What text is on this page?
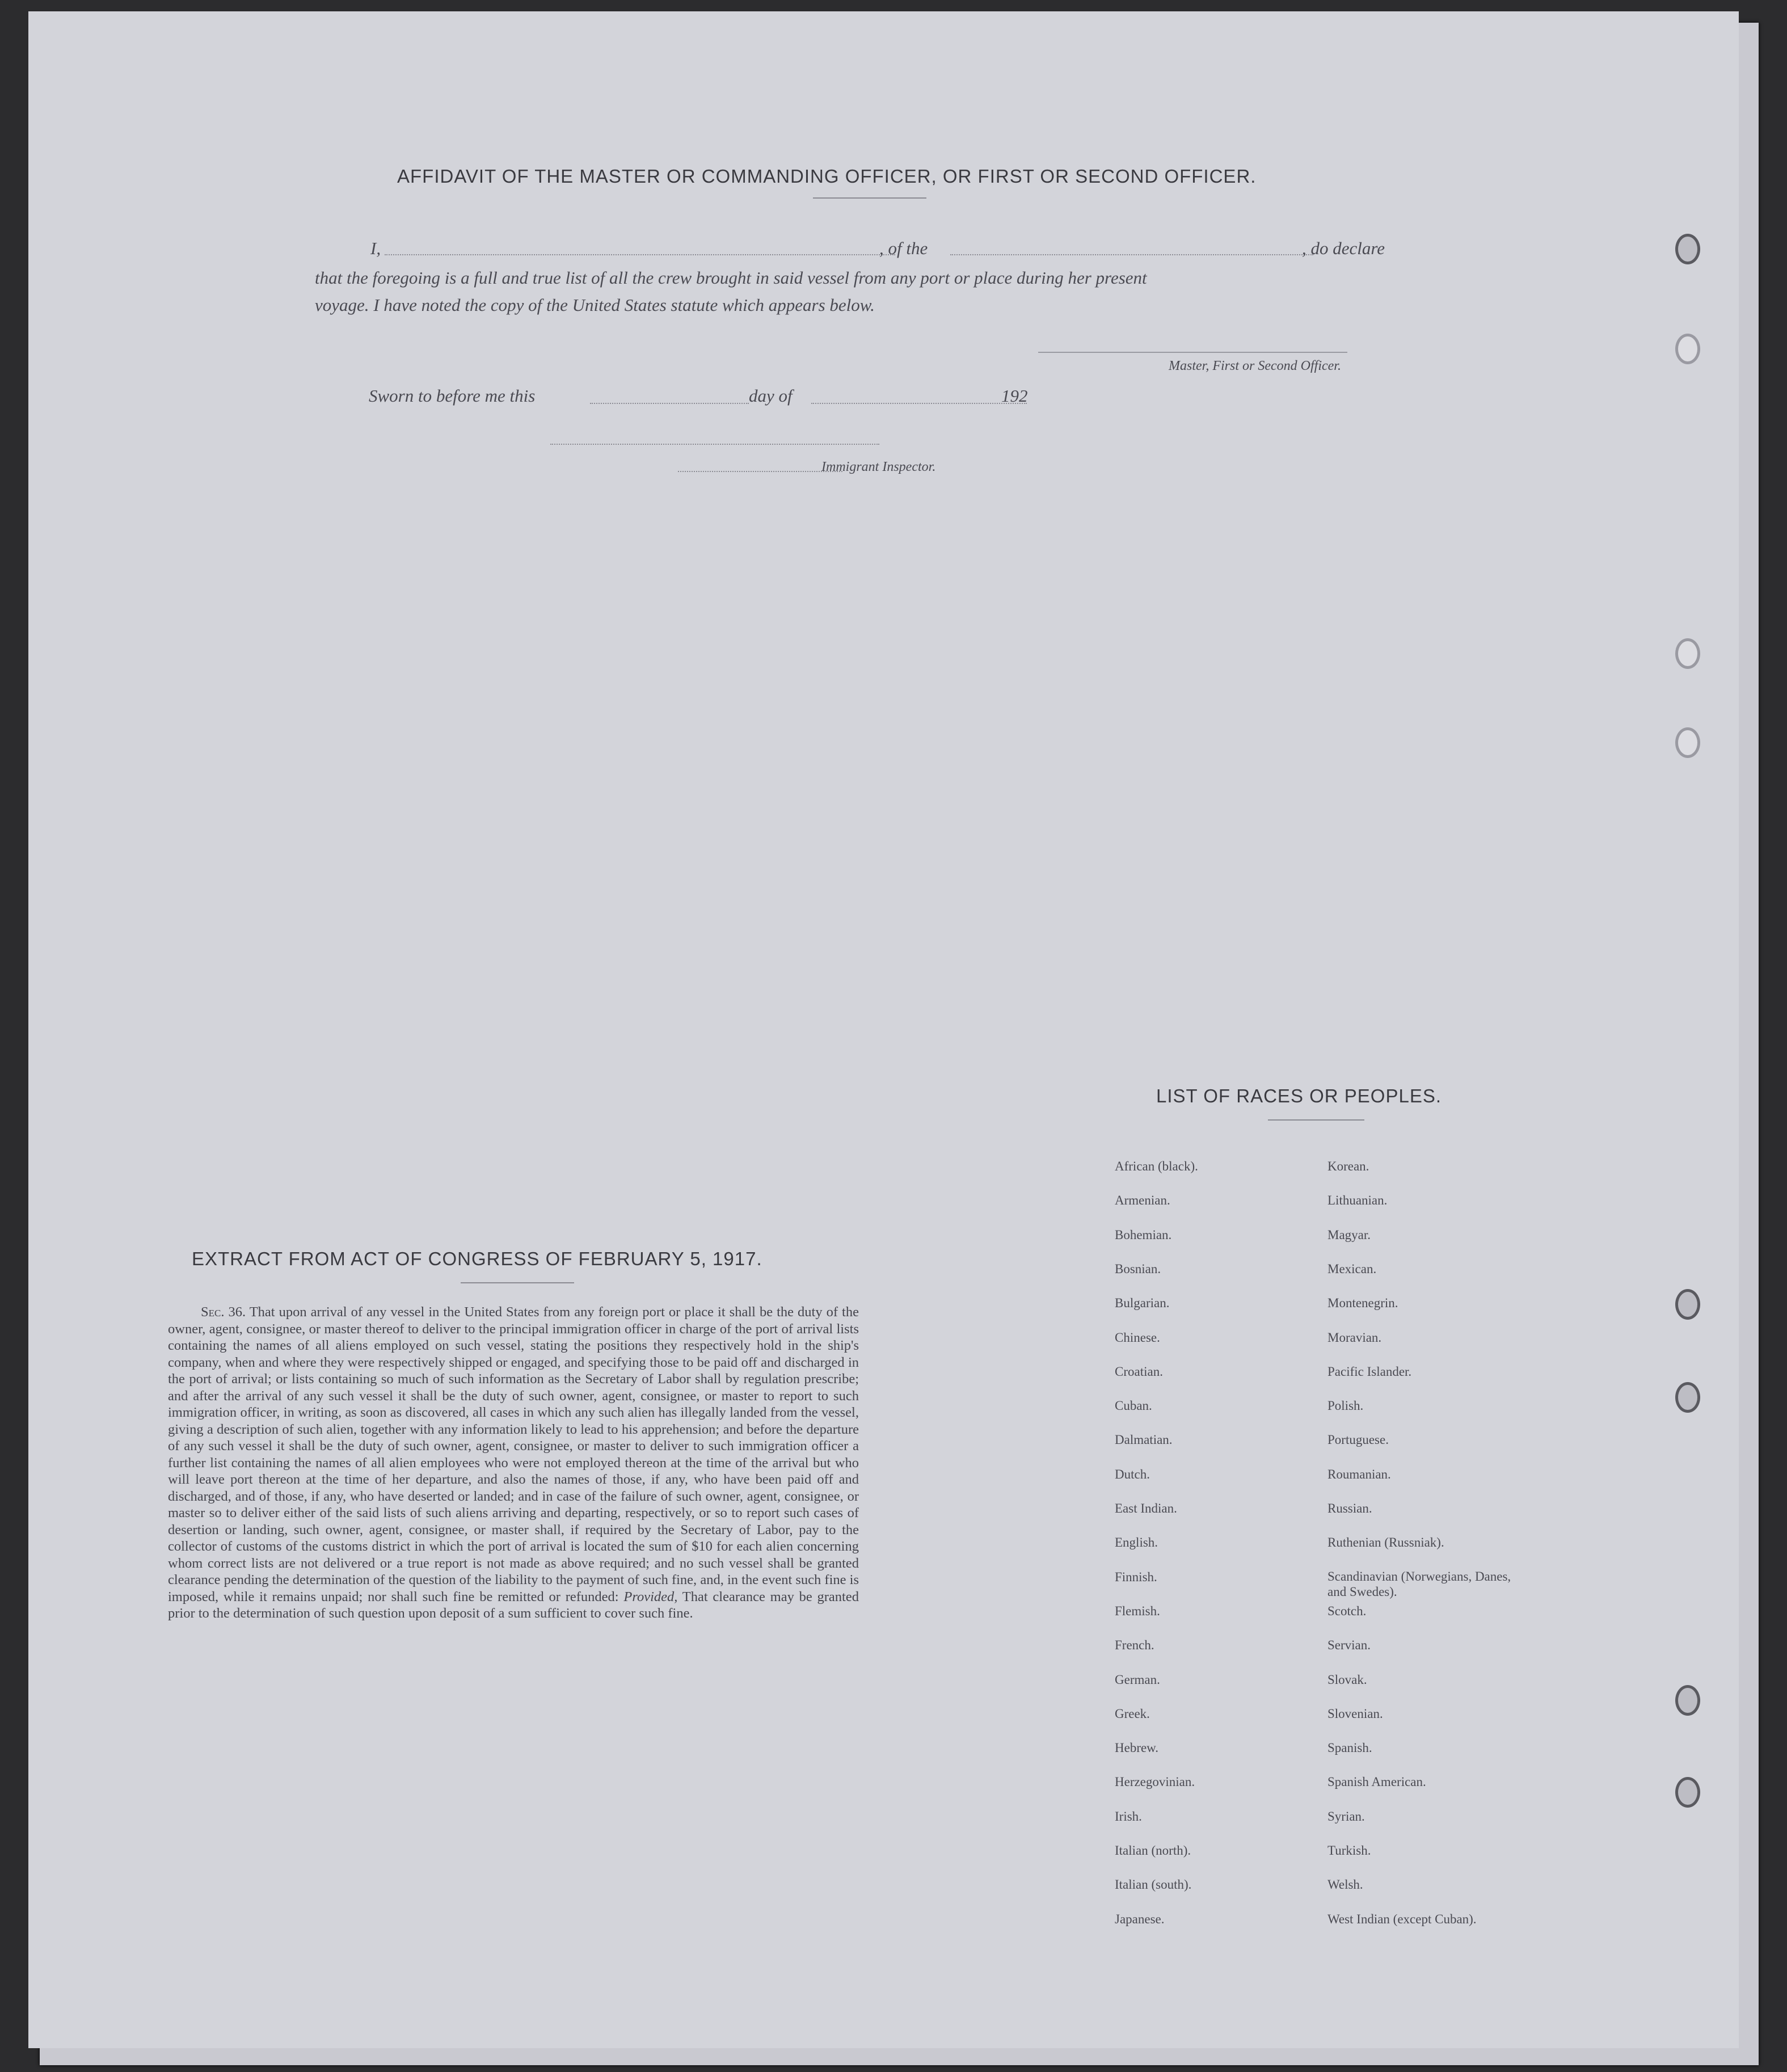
AFFIDAVIT OF THE MASTER OR COMMANDING OFFICER, OR FIRST OR SECOND OFFICER.
I,	, of the	, do declare
that the foregoing is a full and true list of all the crew brought in said vessel from any port or place during her present
voyage. I have noted the copy of the United States statute which appears below.
Master, First or Second Officer.
Sworn to before me this	day of	192
Immigrant Inspector.
EXTRACT FROM ACT OF CONGRESS OF FEBRUARY 5, 1917.
Sec. 36. That upon arrival of any vessel in the United States from any foreign port or place it shall be the duty of the owner, agent, consignee, or master thereof to deliver to the principal immigration officer in charge of the port of arrival lists containing the names of all aliens employed on such vessel, stating the positions they respectively hold in the ship's company, when and where they were respectively shipped or engaged, and specifying those to be paid off and discharged in the port of arrival; or lists containing so much of such information as the Secretary of Labor shall by regulation prescribe; and after the arrival of any such vessel it shall be the duty of such owner, agent, consignee, or master to report to such immigration officer, in writing, as soon as discovered, all cases in which any such alien has illegally landed from the vessel, giving a description of such alien, together with any information likely to lead to his apprehension; and before the departure of any such vessel it shall be the duty of such owner, agent, consignee, or master to deliver to such immigration officer a further list containing the names of all alien employees who were not employed thereon at the time of the arrival but who will leave port thereon at the time of her departure, and also the names of those, if any, who have been paid off and discharged, and of those, if any, who have deserted or landed; and in case of the failure of such owner, agent, consignee, or master so to deliver either of the said lists of such aliens arriving and departing, respectively, or so to report such cases of desertion or landing, such owner, agent, consignee, or master shall, if required by the Secretary of Labor, pay to the collector of customs of the customs district in which the port of arrival is located the sum of $10 for each alien concerning whom correct lists are not delivered or a true report is not made as above required; and no such vessel shall be granted clearance pending the determination of the question of the liability to the payment of such fine, and, in the event such fine is imposed, while it remains unpaid; nor shall such fine be remitted or refunded: Provided, That clearance may be granted prior to the determination of such question upon deposit of a sum sufficient to cover such fine.
LIST OF RACES OR PEOPLES.
African (black).
Armenian.
Bohemian.
Bosnian.
Bulgarian.
Chinese.
Croatian.
Cuban.
Dalmatian.
Dutch.
East Indian.
English.
Finnish.
Flemish.
French.
German.
Greek.
Hebrew.
Herzegovinian.
Irish.
Italian (north).
Italian (south).
Japanese.
Korean.
Lithuanian.
Magyar.
Mexican.
Montenegrin.
Moravian.
Pacific Islander.
Polish.
Portuguese.
Roumanian.
Russian.
Ruthenian (Russniak).
Scandinavian (Norwegians, Danes, and Swedes).
Scotch.
Servian.
Slovak.
Slovenian.
Spanish.
Spanish American.
Syrian.
Turkish.
Welsh.
West Indian (except Cuban).
